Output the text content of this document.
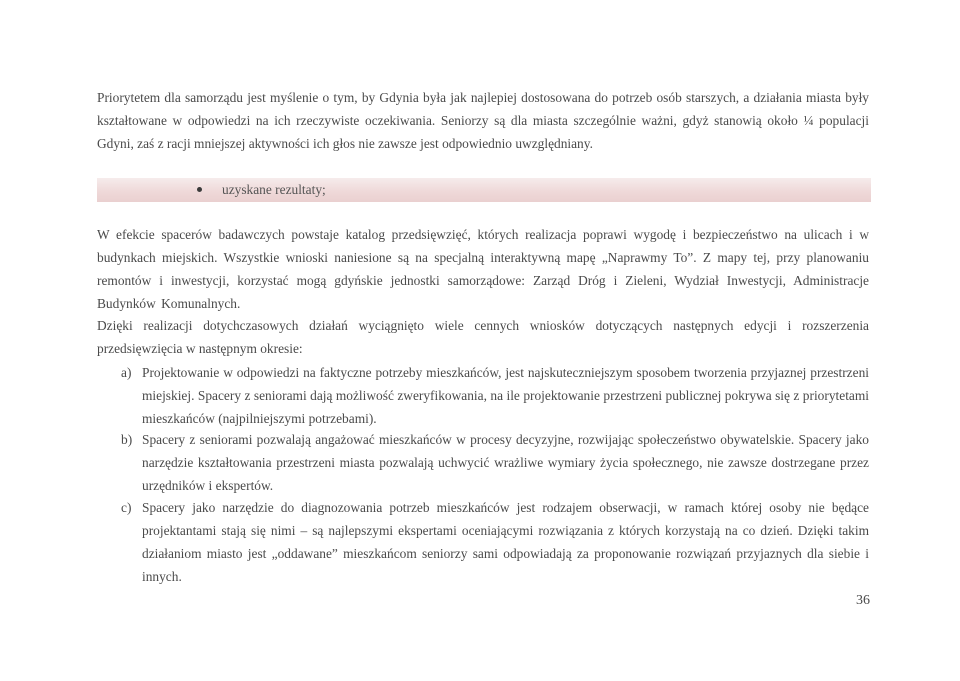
Priorytetem dla samorządu jest myślenie o tym, by Gdynia była jak najlepiej dostosowana do potrzeb osób starszych, a działania miasta były kształtowane w odpowiedzi na ich rzeczywiste oczekiwania. Seniorzy są dla miasta szczególnie ważni, gdyż stanowią około ¼ populacji Gdyni, zaś z racji mniejszej aktywności ich głos nie zawsze jest odpowiednio uwzględniany.

uzyskane rezultaty;

W efekcie spacerów badawczych powstaje katalog przedsięwzięć, których realizacja poprawi wygodę i bezpieczeństwo na ulicach i w budynkach miejskich. Wszystkie wnioski naniesione są na specjalną interaktywną mapę „Naprawmy To”. Z mapy tej, przy planowaniu remontów i inwestycji, korzystać mogą gdyńskie jednostki samorządowe: Zarząd Dróg i Zieleni, Wydział Inwestycji, Administracje Budynków Komunalnych.

Dzięki realizacji dotychczasowych działań wyciągnięto wiele cennych wniosków dotyczących następnych edycji i rozszerzenia przedsięwzięcia w następnym okresie:

a) Projektowanie w odpowiedzi na faktyczne potrzeby mieszkańców, jest najskuteczniejszym sposobem tworzenia przyjaznej przestrzeni miejskiej. Spacery z seniorami dają możliwość zweryfikowania, na ile projektowanie przestrzeni publicznej pokrywa się z priorytetami mieszkańców (najpilniejszymi potrzebami).

b) Spacery z seniorami pozwalają angażować mieszkańców w procesy decyzyjne, rozwijając społeczeństwo obywatelskie. Spacery jako narzędzie kształtowania przestrzeni miasta pozwalają uchwycić wrażliwe wymiary życia społecznego, nie zawsze dostrzegane przez urzędników i ekspertów.

c) Spacery jako narzędzie do diagnozowania potrzeb mieszkańców jest rodzajem obserwacji, w ramach której osoby nie będące projektantami stają się nimi – są najlepszymi ekspertami oceniającymi rozwiązania z których korzystają na co dzień. Dzięki takim działaniom miasto jest „oddawane” mieszkańcom seniorzy sami odpowiadają za proponowanie rozwiązań przyjaznych dla siebie i innych.

36
